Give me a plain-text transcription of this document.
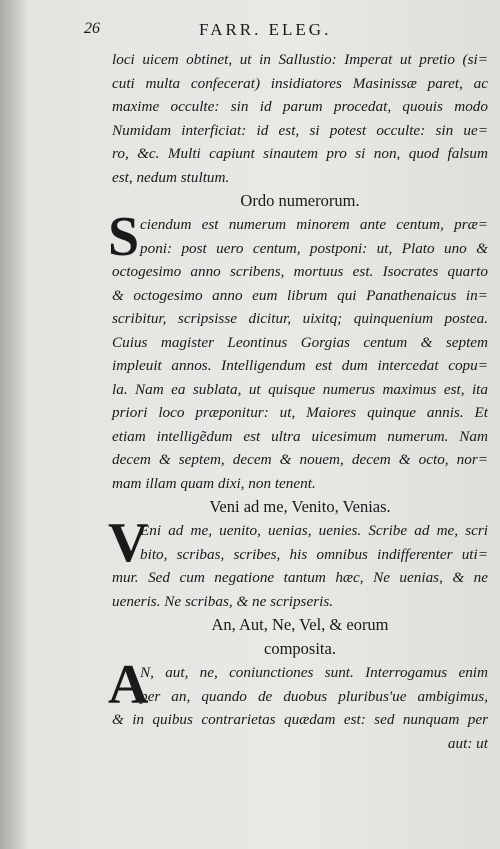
26	FARR. ELEG.
loci uicem obtinet, ut in Sallustio: Imperat ut pretio (si=
cuti multa confecerat) insidiatores Masinissæ paret, ac
maxime occulte: sin id parum procedat, quouis modo
Numidam interficiat: id est, si potest occulte: sin ue=
ro, &c. Multi capiunt sinautem pro si non, quod falsum
est, nedum stultum.
Ordo numerorum.
S ciendum est numerum minorem ante centum, præ=
poni: post uero centum, postponi: ut, Plato uno &
octogesimo anno scribens, mortuus est. Isocrates quarto
& octogesimo anno eum librum qui Panathenaicus in=
scribitur, scripsisse dicitur, uixitq; quinquenium postea.
Cuius magister Leontinus Gorgias centum & septem
impleuit annos. Intelligendum est dum intercedat copu=
la. Nam ea sublata, ut quisque numerus maximus est, ita
priori loco præponitur: ut, Maiores quinque annis. Et
etiam intelligẽdum est ultra uicesimum numerum. Nam
decem & septem, decem & nouem, decem & octo, nor=
mam illam quam dixi, non tenent.
Veni ad me, Venito, Venias.
V
Eni ad me, uenito, uenias, uenies. Scribe ad me, scri
bito, scribas, scribes, his omnibus indifferenter uti=
mur. Sed cum negatione tantum hæc, Ne uenias, & ne
ueneris. Ne scribas, & ne scripseris.
An, Aut, Ne, Vel, & eorum
composita.
A
N, aut, ne, coniunctiones sunt. Interrogamus enim
per an, quando de duobus pluribus'ue ambigimus,
& in quibus contrarietas quædam est: sed nunquam per
aut: ut
